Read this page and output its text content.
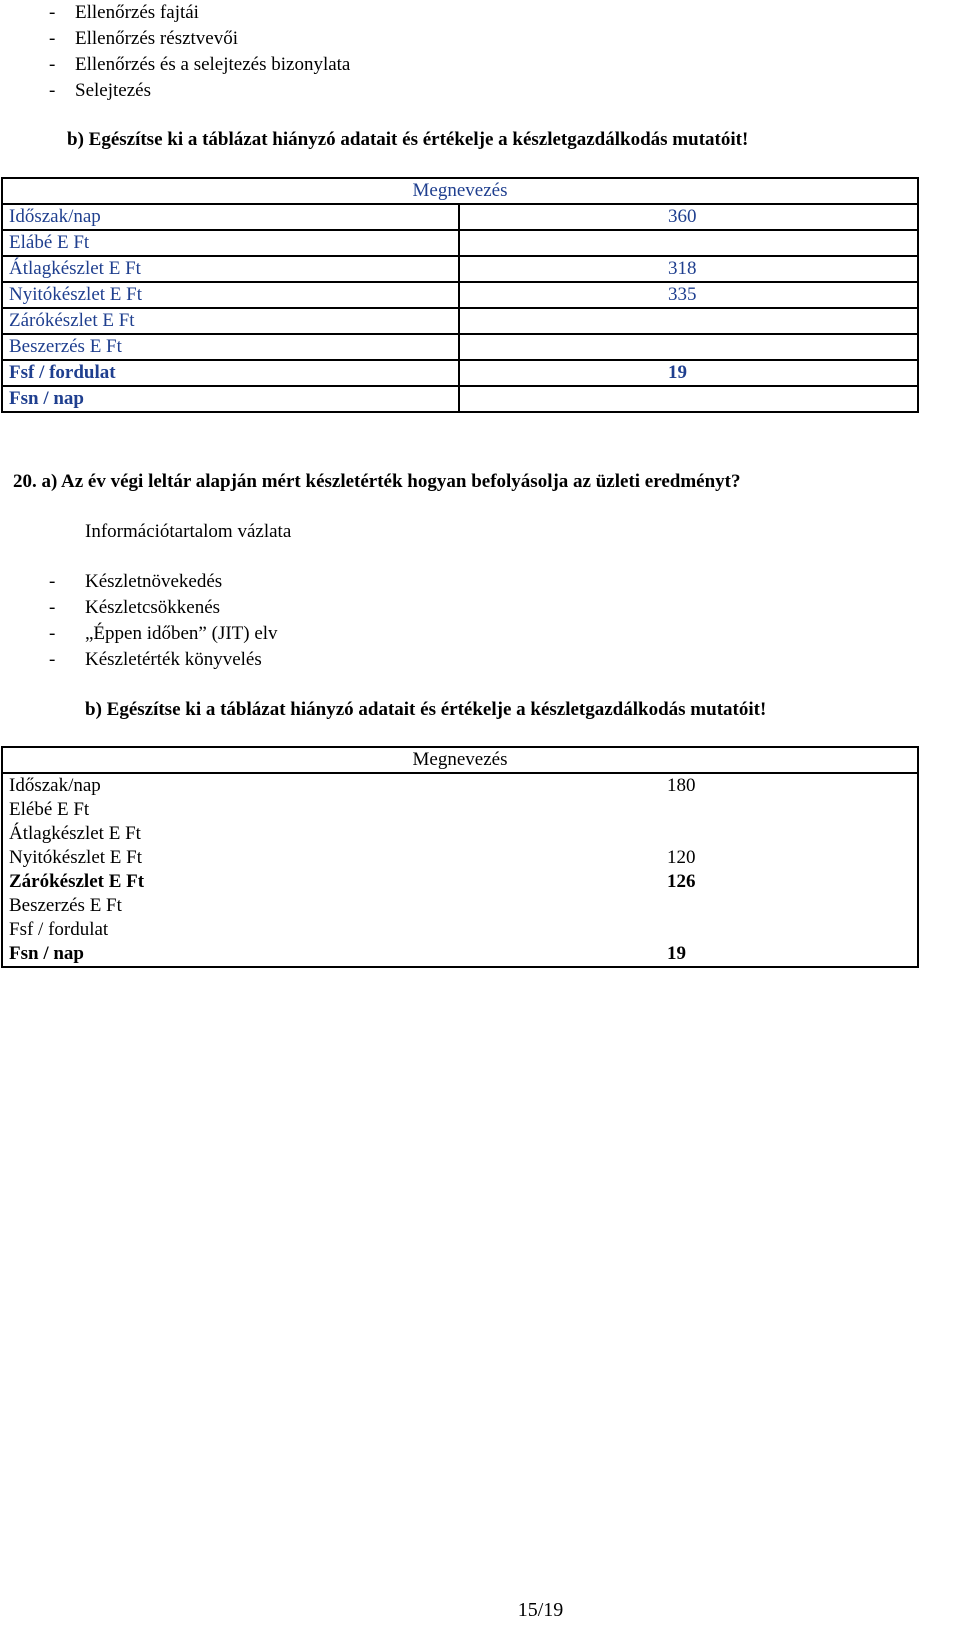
- Ellenőrzés fajtái
- Ellenőrzés résztvevői
- Ellenőrzés és a selejtezés bizonylata
- Selejtezés
b) Egészítse ki a táblázat hiányzó adatait és értékelje a készletgazdálkodás mutatóit!
Megnevezés	
Időszak/nap	360
Elábé E Ft	
Átlagkészlet E Ft	318
Nyitókészlet E Ft	335
Zárókészlet E Ft	
Beszerzés E Ft	
Fsf / fordulat	19
Fsn / nap	
20. a) Az év végi leltár alapján mért készletérték hogyan befolyásolja az üzleti eredményt?
Információtartalom vázlata
- Készletnövekedés
- Készletcsökkenés
- „Éppen időben” (JIT) elv
- Készletérték könyvelés
b) Egészítse ki a táblázat hiányzó adatait és értékelje a készletgazdálkodás mutatóit!
Megnevezés	
Időszak/nap	180
Elébé E Ft	
Átlagkészlet E Ft	
Nyitókészlet E Ft	120
Zárókészlet E Ft	126
Beszerzés E Ft	
Fsf / fordulat	
Fsn / nap	19
15/19
